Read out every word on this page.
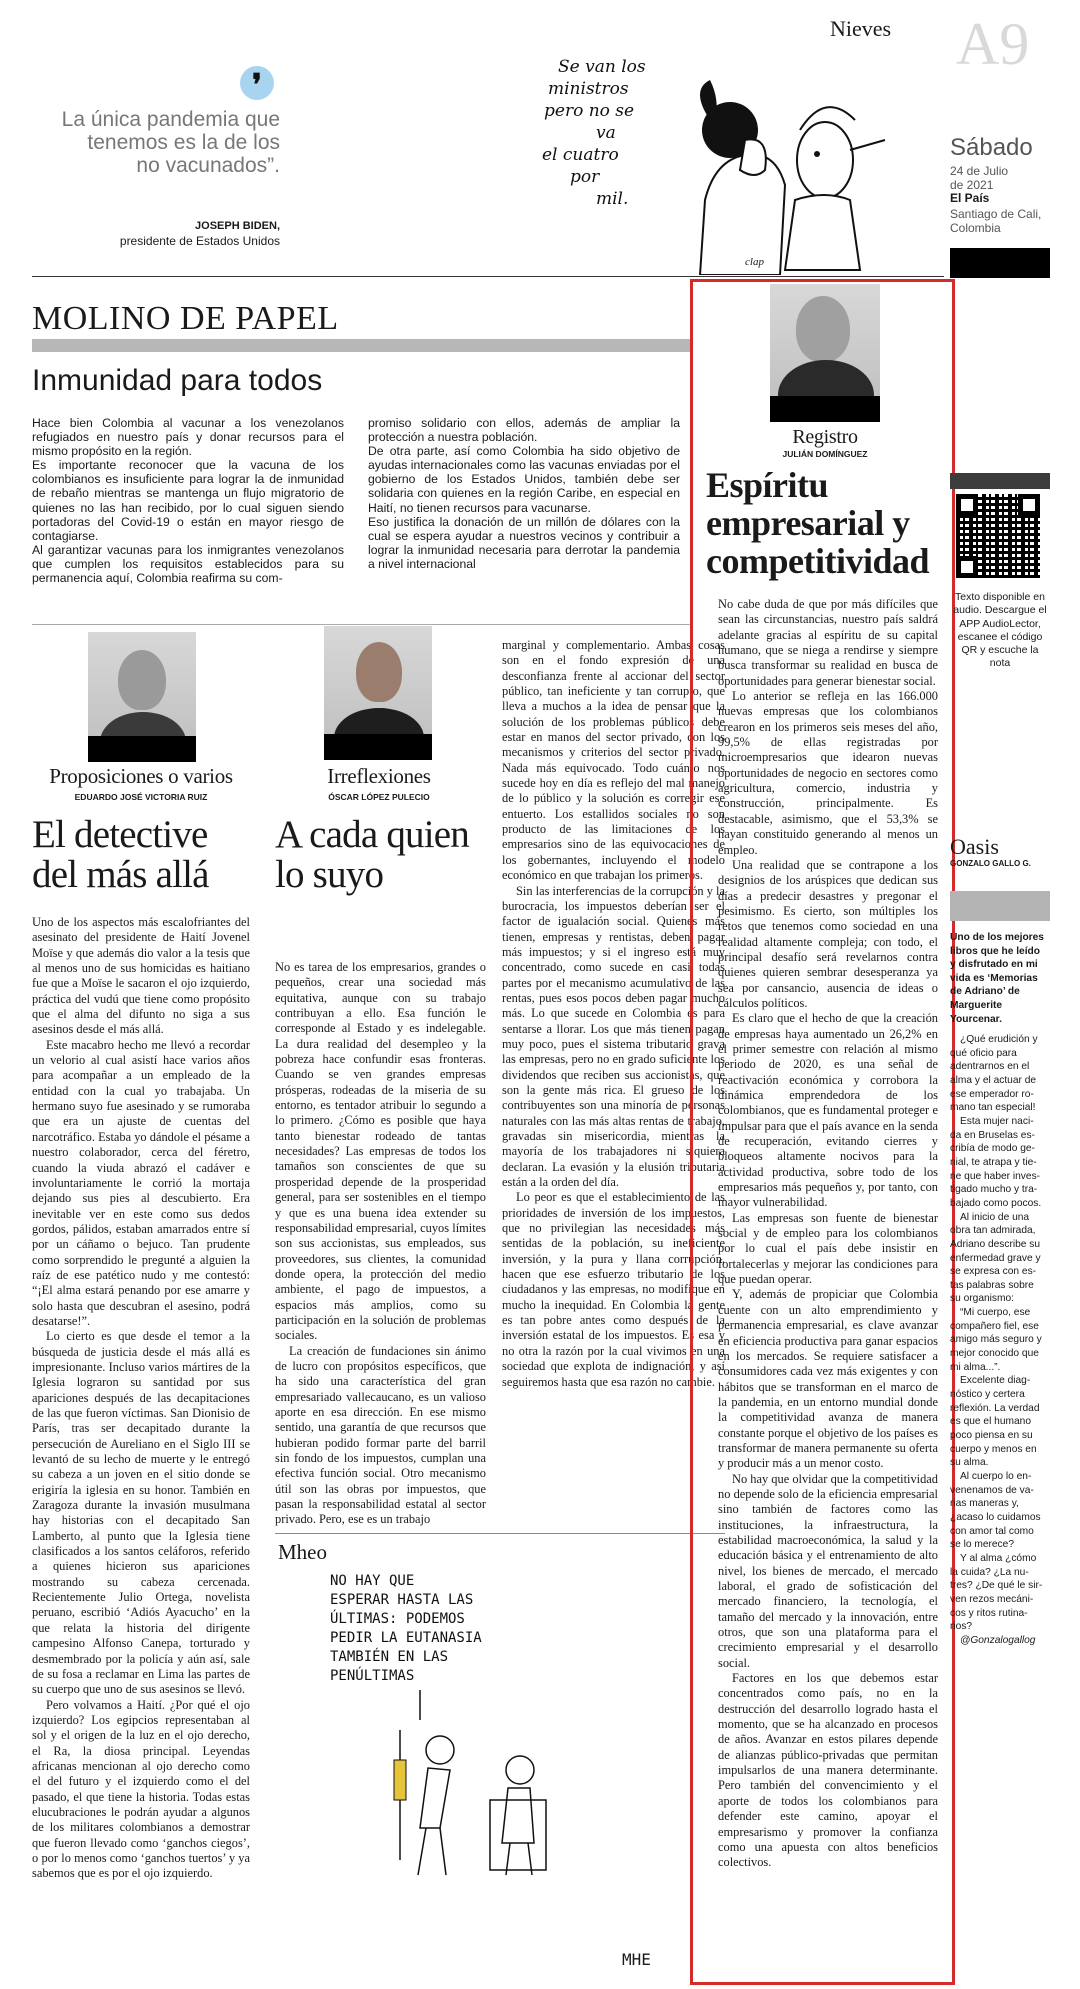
❜
La única pandemia que tenemos es la de los no vacunados”.
JOSEPH BIDEN,
presidente de Estados Unidos
Se van los
ministros
pero no se
va
el cuatro
por
mil.
clap
Nieves A9
Sábado
24 de Julio
de 2021
El País
Santiago de Cali,
Colombia
MOLINO DE PAPEL
Inmunidad para todos

Hace bien Colombia al vacunar a los venezolanos refugiados en nuestro país y donar recursos para el mismo propósito en la región.

Es importante reconocer que la vacuna de los colombianos es insuficiente para lograr la de inmunidad de rebaño mientras se mantenga un flujo migratorio de quienes no las han recibido, por lo cual siguen siendo portadoras del Covid-19 o están en mayor riesgo de contagiarse.

Al garantizar vacunas para los inmigrantes venezolanos que cumplen los requisitos establecidos para su permanencia aquí, Colombia reafirma su com-

promiso solidario con ellos, además de ampliar la protección a nuestra población.

De otra parte, así como Colombia ha sido objetivo de ayudas internacionales como las vacunas enviadas por el gobierno de los Estados Unidos, también debe ser solidaria con quienes en la región Caribe, en especial en Haití, no tienen recursos para vacunarse.

Eso justifica la donación de un millón de dólares con la cual se espera ayudar a nuestros vecinos y contribuir a lograr la inmunidad necesaria para derrotar la pandemia a nivel internacional

Proposiciones o varios
EDUARDO JOSÉ VICTORIA RUIZ
El detective del más allá

Uno de los aspectos más escalofriantes del asesinato del presidente de Haití Jovenel Moïse y que además dio valor a la tesis que al menos uno de sus homicidas es haitiano fue que a Moïse le sacaron el ojo izquierdo, práctica del vudú que tiene como propósito que el alma del difunto no siga a sus asesinos desde el más allá.

Este macabro hecho me llevó a recordar un velorio al cual asistí hace varios años para acompañar a un empleado de la entidad con la cual yo trabajaba. Un hermano suyo fue asesinado y se rumoraba que era un ajuste de cuentas del narcotráfico. Estaba yo dándole el pésame a nuestro colaborador, cerca del féretro, cuando la viuda abrazó el cadáver e involuntariamente le corrió la mortaja dejando sus pies al descubierto. Era inevitable ver en este como sus dedos gordos, pálidos, estaban amarrados entre sí por un cáñamo o bejuco. Tan prudente como sorprendido le pregunté a alguien la raíz de ese patético nudo y me contestó: “¡El alma estará penando por ese amarre y solo hasta que descubran el asesino, podrá desatarse!”.

Lo cierto es que desde el temor a la búsqueda de justicia desde el más allá es impresionante. Incluso varios mártires de la Iglesia lograron su santidad por sus apariciones después de las decapitaciones de las que fueron víctimas. San Dionisio de París, tras ser decapitado durante la persecución de Aureliano en el Siglo III se levantó de su lecho de muerte y le entregó su cabeza a un joven en el sitio donde se erigiría la iglesia en su honor. También en Zaragoza durante la invasión musulmana hay historias con el decapitado San Lamberto, al punto que la Iglesia tiene clasificados a los santos celáforos, referido a quienes hicieron sus apariciones mostrando su cabeza cercenada. Recientemente Julio Ortega, novelista peruano, escribió ‘Adiós Ayacucho’ en la que relata la historia del dirigente campesino Alfonso Canepa, torturado y desmembrado por la policía y aún así, sale de su fosa a reclamar en Lima las partes de su cuerpo que uno de sus asesinos se llevó.

Pero volvamos a Haití. ¿Por qué el ojo izquierdo? Los egipcios representaban al sol y el origen de la luz en el ojo derecho, el Ra, la diosa principal. Leyendas africanas mencionan al ojo derecho como el del futuro y el izquierdo como el del pasado, el que tiene la historia. Todas estas elucubraciones le podrán ayudar a algunos de los militares colombianos a demostrar que fueron llevado como ‘ganchos ciegos’, o por lo menos como ‘ganchos tuertos’ y ya sabemos que es por el ojo izquierdo.

Irreflexiones
ÓSCAR LÓPEZ PULECIO
A cada quien lo suyo

No es tarea de los empresarios, grandes o pequeños, crear una sociedad más equitativa, aunque con su trabajo contribuyan a ello. Esa función le corresponde al Estado y es indelegable. La dura realidad del desempleo y la pobreza hace confundir esas fronteras. Cuando se ven grandes empresas prósperas, rodeadas de la miseria de su entorno, es tentador atribuir lo segundo a lo primero. ¿Cómo es posible que haya tanto bienestar rodeado de tantas necesidades? Las empresas de todos los tamaños son conscientes de que su prosperidad depende de la prosperidad general, para ser sostenibles en el tiempo y que es una buena idea extender su responsabilidad empresarial, cuyos límites son sus accionistas, sus empleados, sus proveedores, sus clientes, la comunidad donde opera, la protección del medio ambiente, el pago de impuestos, a espacios más amplios, como su participación en la solución de problemas sociales.

La creación de fundaciones sin ánimo de lucro con propósitos específicos, que ha sido una característica del gran empresariado vallecaucano, es un valioso aporte en esa dirección. En ese mismo sentido, una garantía de que recursos que hubieran podido formar parte del barril sin fondo de los impuestos, cumplan una efectiva función social. Otro mecanismo útil son las obras por impuestos, que pasan la responsabilidad estatal al sector privado. Pero, ese es un trabajo

marginal y complementario. Ambas cosas son en el fondo expresión de una desconfianza frente al accionar del sector público, tan ineficiente y tan corrupto, que lleva a muchos a la idea de pensar que la solución de los problemas públicos debe estar en manos del sector privado, con los mecanismos y criterios del sector privado. Nada más equivocado. Todo cuánto nos sucede hoy en día es reflejo del mal manejo de lo público y la solución es corregir ese entuerto. Los estallidos sociales no son producto de las limitaciones de los empresarios sino de las equivocaciones de los gobernantes, incluyendo el modelo económico en que trabajan los primeros.

Sin las interferencias de la corrupción y la burocracia, los impuestos deberían ser el factor de igualación social. Quienes más tienen, empresas y rentistas, deben pagar más impuestos; y si el ingreso está muy concentrado, como sucede en casi todas partes por el mecanismo acumulativo de las rentas, pues esos pocos deben pagar mucho más. Lo que sucede en Colombia es para sentarse a llorar. Los que más tienen pagan muy poco, pues el sistema tributario grava las empresas, pero no en grado suficiente los dividendos que reciben sus accionistas, que son la gente más rica. El grueso de los contribuyentes son una minoría de personas naturales con las más altas rentas de trabajo, gravadas sin misericordia, mientras la mayoría de los trabajadores ni siquiera declaran. La evasión y la elusión tributaria están a la orden del día.

Lo peor es que el establecimiento de las prioridades de inversión de los impuestos, que no privilegian las necesidades más sentidas de la población, su ineficiente inversión, y la pura y llana corrupción, hacen que ese esfuerzo tributario de los ciudadanos y las empresas, no modifique en mucho la inequidad. En Colombia la gente es tan pobre antes como después de la inversión estatal de los impuestos. Es esa y no otra la razón por la cual vivimos en una sociedad que explota de indignación, y así seguiremos hasta que esa razón no cambie.

Mheo
NO HAY QUE
ESPERAR HASTA LAS
ÚLTIMAS: PODEMOS
PEDIR LA EUTANASIA
TAMBIÉN EN LAS
PENÚLTIMAS
MHE
Registro
JULIÁN DOMÍNGUEZ
Espíritu empresarial y competitividad

No cabe duda de que por más difíciles que sean las circunstancias, nuestro país saldrá adelante gracias al espíritu de su capital humano, que se niega a rendirse y siempre busca transformar su realidad en busca de oportunidades para generar bienestar social.

Lo anterior se refleja en las 166.000 nuevas empresas que los colombianos crearon en los primeros seis meses del año, 99,5% de ellas registradas por microempresarios que idearon nuevas oportunidades de negocio en sectores como agricultura, comercio, industria y construcción, principalmente. Es destacable, asimismo, que el 53,3% se hayan constituido generando al menos un empleo.

Una realidad que se contrapone a los designios de los arúspices que dedican sus días a predecir desastres y pregonar el pesimismo. Es cierto, son múltiples los retos que tenemos como sociedad en una realidad altamente compleja; con todo, el principal desafío será revelarnos contra quienes quieren sembrar desesperanza ya sea por cansancio, ausencia de ideas o cálculos políticos.

Es claro que el hecho de que la creación de empresas haya aumentado un 26,2% en el primer semestre con relación al mismo periodo de 2020, es una señal de reactivación económica y corrobora la dinámica emprendedora de los colombianos, que es fundamental proteger e impulsar para que el país avance en la senda de recuperación, evitando cierres y bloqueos altamente nocivos para la actividad productiva, sobre todo de los empresarios más pequeños y, por tanto, con mayor vulnerabilidad.

Las empresas son fuente de bienestar social y de empleo para los colombianos por lo cual el país debe insistir en fortalecerlas y mejorar las condiciones para que puedan operar.

Y, además de propiciar que Colombia cuente con un alto emprendimiento y permanencia empresarial, es clave avanzar en eficiencia productiva para ganar espacios en los mercados. Se requiere satisfacer a consumidores cada vez más exigentes y con hábitos que se transforman en el marco de la pandemia, en un entorno mundial donde la competitividad avanza de manera constante porque el objetivo de los países es transformar de manera permanente su oferta y producir más a un menor costo.

No hay que olvidar que la competitividad no depende solo de la eficiencia empresarial sino también de factores como las instituciones, la infraestructura, la estabilidad macroeconómica, la salud y la educación básica y el entrenamiento de alto nivel, los bienes de mercado, el mercado laboral, el grado de sofisticación del mercado financiero, la tecnología, el tamaño del mercado y la innovación, entre otros, que son una plataforma para el crecimiento empresarial y el desarrollo social.

Factores en los que debemos estar concentrados como país, no en la destrucción del desarrollo logrado hasta el momento, que se ha alcanzado en procesos de años. Avanzar en estos pilares depende de alianzas público-privadas que permitan impulsarlos de una manera determinante. Pero también del convencimiento y el aporte de todos los colombianos para defender este camino, apoyar el empresarismo y promover la confianza como una apuesta con altos beneficios colectivos.

Texto disponible en
audio. Descargue el
APP AudioLector,
escanee el código
QR y escuche la
nota
Oasis
GONZALO GALLO G.
Uno de los mejores
libros que he leído
y disfrutado en mi
vida es ‘Memorias
de Adriano’ de
Marguerite
Yourcenar.
¿Qué erudición y
qué oficio para
adentrarnos en el
alma y el actuar de
ese emperador ro-
mano tan especial!
Esta mujer naci-
da en Bruselas es-
cribía de modo ge-
nial, te atrapa y tie-
ne que haber inves-
tigado mucho y tra-
bajado como pocos.
Al inicio de una
obra tan admirada,
Adriano describe su
enfermedad grave y
se expresa con es-
tas palabras sobre
su organismo:
“Mi cuerpo, ese
compañero fiel, ese
amigo más seguro y
mejor conocido que
mi alma...”.
Excelente diag-
nóstico y certera
reflexión. La verdad
es que el humano
poco piensa en su
cuerpo y menos en
su alma.
Al cuerpo lo en-
venenamos de va-
rias maneras y,
¿acaso lo cuidamos
con amor tal como
se lo merece?
Y al alma ¿cómo
la cuida? ¿La nu-
tres? ¿De qué le sir-
ven rezos mecáni-
cos y ritos rutina-
rios?
@Gonzalogallog
